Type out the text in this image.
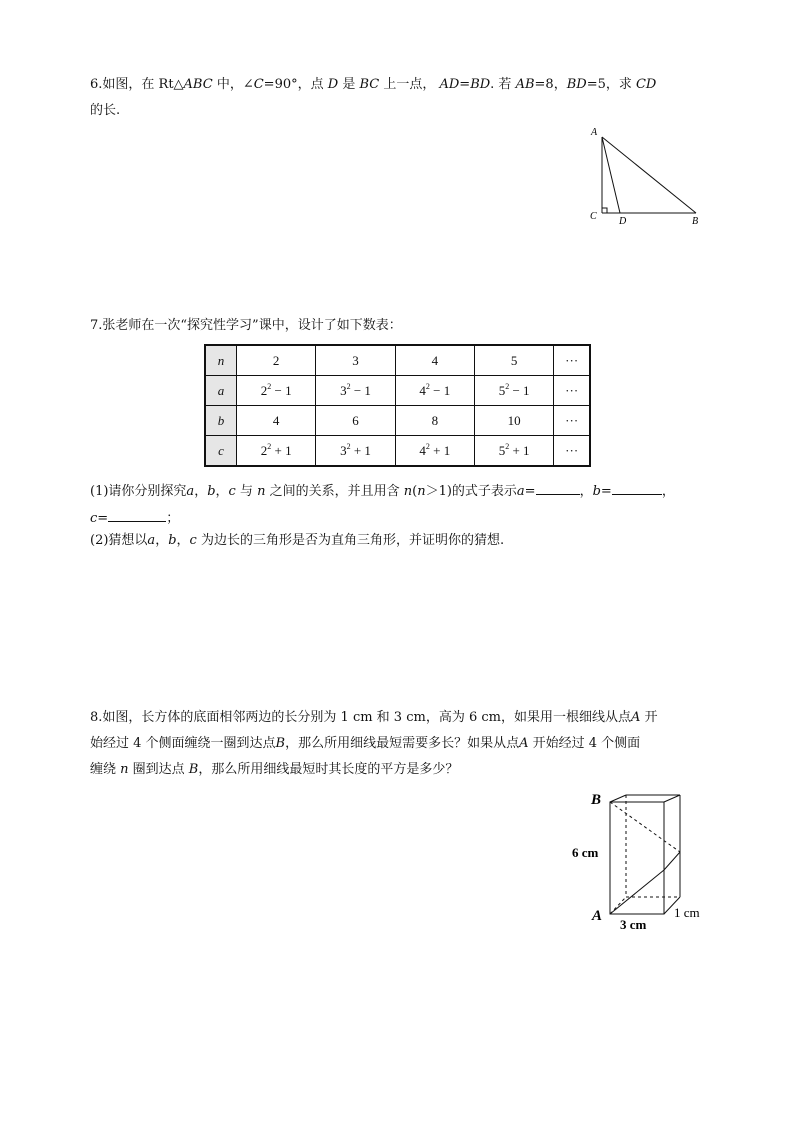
6.如图，在 Rt△ABC 中，∠C=90°，点 D 是 BC 上一点， AD=BD. 若 AB=8，BD=5，求 CD
的长.
A
C D	B
7.张老师在一次“探究性学习”课中，设计了如下数表：
n	2	3	4	5	···
a	$2^2 - 1$	$3^2 - 1$	$4^2 - 1$	$5^2 - 1$	···
b	4	6	8	10	···
c	$2^2 + 1$	$3^2 + 1$	$4^2 + 1$	$5^2 + 1$	···
(1)请你分别探究a，b，c 与 n 之间的关系，并且用含 n(n＞1)的式子表示a=	，b=	，
c=	；
(2)猜想以a，b，c 为边长的三角形是否为直角三角形，并证明你的猜想.
8.如图，长方体的底面相邻两边的长分别为 1 cm 和 3 cm，高为 6 cm，如果用一根细线从点A 开
始经过 4 个侧面缠绕一圈到达点B，那么所用细线最短需要多长？如果从点A 开始经过 4 个侧面
缠绕 n 圈到达点 B，那么所用细线最短时其长度的平方是多少？
B
A
6 cm
3 cm
1 cm
